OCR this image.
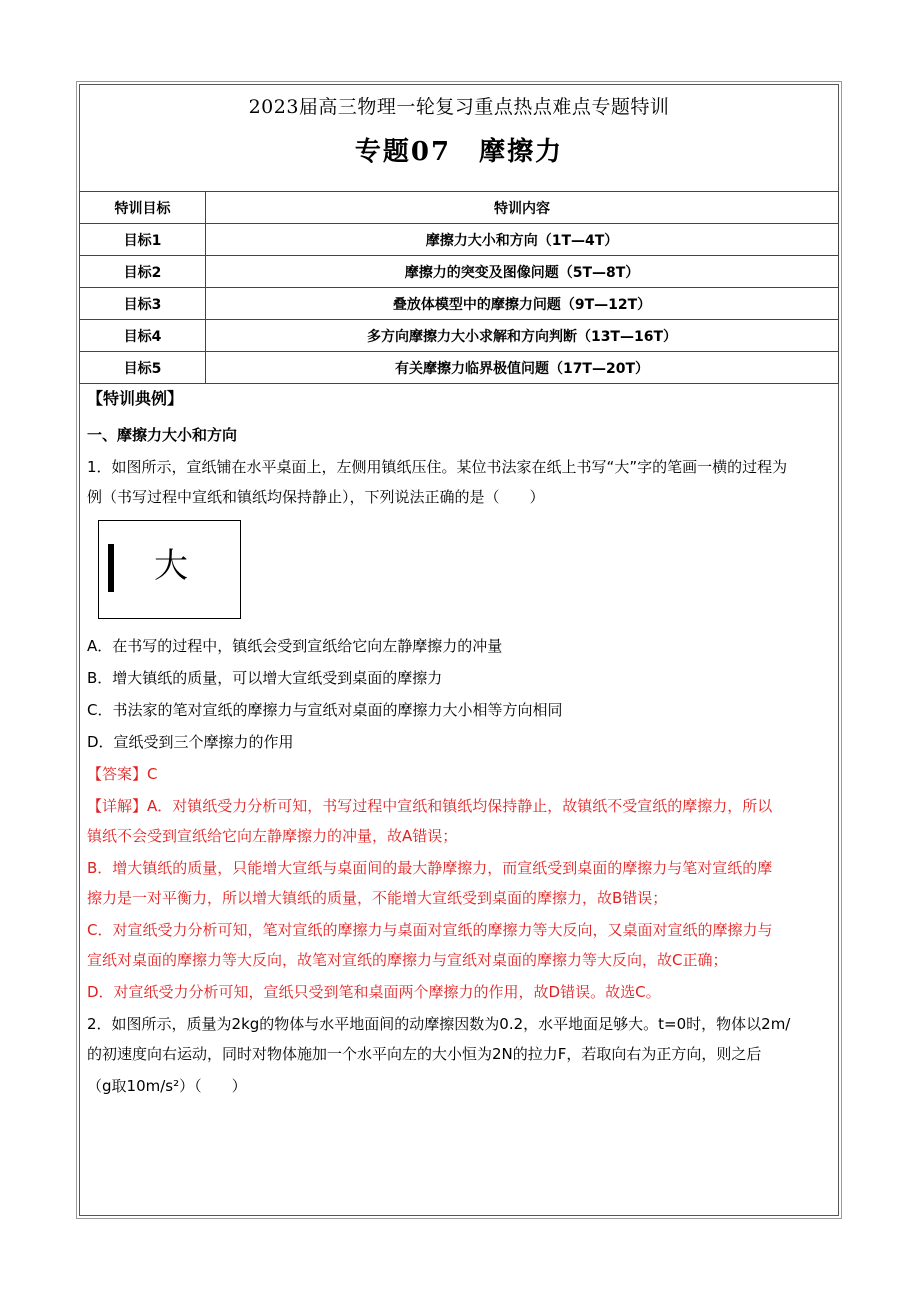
2023届高三物理一轮复习重点热点难点专题特训
专题07　摩擦力
特训目标	特训内容
目标1	摩擦力大小和方向（1T—4T）
目标2	摩擦力的突变及图像问题（5T—8T）
目标3	叠放体模型中的摩擦力问题（9T—12T）
目标4	多方向摩擦力大小求解和方向判断（13T—16T）
目标5	有关摩擦力临界极值问题（17T—20T）
【特训典例】
一、摩擦力大小和方向
1．如图所示，宣纸铺在水平桌面上，左侧用镇纸压住。某位书法家在纸上书写“大”字的笔画一横的过程为
例（书写过程中宣纸和镇纸均保持静止），下列说法正确的是（　　）
大
A．在书写的过程中，镇纸会受到宣纸给它向左静摩擦力的冲量
B．增大镇纸的质量，可以增大宣纸受到桌面的摩擦力
C．书法家的笔对宣纸的摩擦力与宣纸对桌面的摩擦力大小相等方向相同
D．宣纸受到三个摩擦力的作用
【答案】C
【详解】A．对镇纸受力分析可知，书写过程中宣纸和镇纸均保持静止，故镇纸不受宣纸的摩擦力，所以
镇纸不会受到宣纸给它向左静摩擦力的冲量，故A错误；
B．增大镇纸的质量，只能增大宣纸与桌面间的最大静摩擦力，而宣纸受到桌面的摩擦力与笔对宣纸的摩
擦力是一对平衡力，所以增大镇纸的质量，不能增大宣纸受到桌面的摩擦力，故B错误；
C．对宣纸受力分析可知，笔对宣纸的摩擦力与桌面对宣纸的摩擦力等大反向，又桌面对宣纸的摩擦力与
宣纸对桌面的摩擦力等大反向，故笔对宣纸的摩擦力与宣纸对桌面的摩擦力等大反向，故C正确；
D．对宣纸受力分析可知，宣纸只受到笔和桌面两个摩擦力的作用，故D错误。故选C。
2．如图所示，质量为2kg的物体与水平地面间的动摩擦因数为0.2，水平地面足够大。t=0时，物体以2m/
的初速度向右运动，同时对物体施加一个水平向左的大小恒为2N的拉力F，若取向右为正方向，则之后
（g取10m/s²）（　　）
